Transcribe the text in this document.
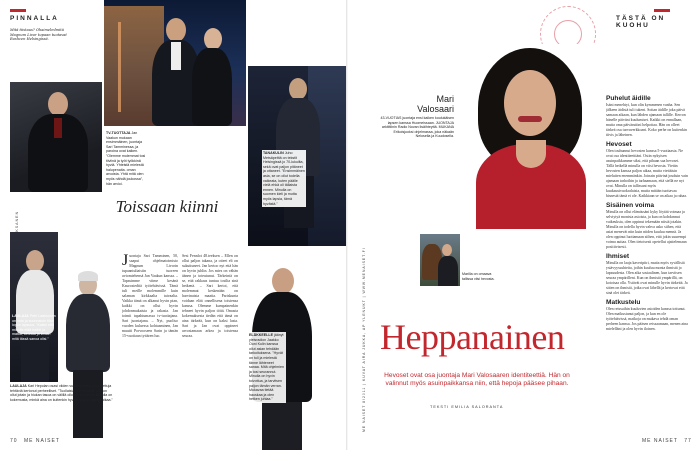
PINNALLA
Mitä tiistaus? Ohaimelmlmitä Magnum Livor tupaan tuotavat Roshcen Helsingissä.
TV-TUOTTAJA Jan Vaakun mukaan ensimmäinen, juontaja Sari Tamminessa, ja paroina ovat kaiken. "Olemme molemmat tosi tiiviinä ja työt työkkinä hyviä. Yhteistä mielestä halupenaita. oman arvoista. Yhtä mitä olen myös nähdä joukossa", hän arvioi.
TANAKULIN Juho Metsäpelttä on tekstit Helsingissä jo 70-lukuilta, sekä ovat paljon pitäneet ja ottaneet. "Ensimmäinen asia, se on ollut todella vaikeata, kuten päälle vielä ehkä oli tällaista ennen. Minulla on suomen kieli ja mutta myös lapsia, tämä hyvästä."
Toissaan kiinni
LAULAJA Petri Laaksonen on sata ja suunnatoin tilan lopun lapsuus. "Kaikki että minulla elää kaikki ja matka, seurata ja tiedän mitä tässä sanoa olisi."
LAULAJA Kari Hepolan osasi viiden vuoden sitten ja tunnettuja tehtäviä kertonut perheelliset. "Tuollaista on mahtava, kun on ollut jotain ja hiukan tasoa on välillä ollut myös lapsia. Minulla on kokemusta, minkä aina on kuitenkin hyvää aina on jäänyt aikaa."
Juontaja Sari Tamminen, 50, saapui ohjelmatoimisto Magnum Livorin tupaantuliaisiin tuoreen aviomiehensä Jan Vaakun kanssa. – Tapasimme viime kesänä Kaurostedtiä työtehtävissä. Tämä tuli meille molemmille kuin salaman kirkkaalta taivaalta. Vaikka tämä on alkanut hyvin pian, kaikki on ollut hyvin johdonmukaista ja rakasta. Jan toimii tapahtumassa tv-tuottajana. Sari juontajana. – Nyt, puoliso vuoden kuluessa kohtaaminen, Jan muutti Porvooseen Sarin ja tämän 15-vuotiaan tyttären luo.
Sesi Fennlot 48.teeksen – Ellen on ollut paljon takana, ja otteet eli on sukuttuneet. Jan kertoo nyt että hän on hyvin juhlin. Jos mies on vähän äänen ja toteutunut. Tärkeintä on se, että rakkaus tuntuu tosilta sinä hetkenä. – Sari kertoi, että molemmat keskenään on harvinaista maatia. Pariskunta voidaan elää onnellisena toistensa kanssa. Olemme kumpainenkin tehneet hyvin paljon töitä. Omasta kokemuksesta tiedän että tämä on aina tärkeää, kun on kaksi lasta. Sari ja Jan ovat oppineet arvostamaan arkea ja toistensa seuraa.	ELÄKKEELLE jäänyt yleisradion Jaakko Ouni Kulin kanssa ollut asian tehdään tarkoituksena. "Hyvät on tuli ja mielestä tänne lähteneet sanaa. Mitä ohjelmien ja tosi seurannut. Minulla on hyvin toivottua, ja tarvitsen paljon tämän verran. Mukavaa tietää hauskaa ja olen hetken juhlaa."
70 ME NAISET
TÄSTÄ ON KUOHU
Mari Valosaari
43-VUOTIAS juontaja ensi kaiken koulukäisen lapsen kanssa Huomeissaan. JUONTAJA arkititiinin Radio Novan lisäihteyttä. MUKANA Erikoisjuoksi ohjelmassa, joka näkaän Nelosella ja Kuudosella.
Marilla on omaava tallissa viisi hevosta.
Heppanainen
Hevoset ovat osa juontaja Mari Valosaaren identiteettiä. Hän on valinnut myös asuinpaikkansa niin, että hepoja pääsee pihaan.
TEKSTI EMILIA SALORANTA
ME NAISET 8/2011 | KUVAT AIRA JUKKA, AP YLENUKT | WWW.MENAISET.FI
Puhelut äidille

Isäni menehtyi, kun olin kymmenen vanha. Sen jälkeen äidistä tuli tukeni. Soitan äidille joka päivä samaan aikaan, kun lähden ajamaan tallille. Kerron hänelle päiväni kuulumiset. Kaikki on ennallaan, mutta oma päivärutiini helpottaa. Hän on olleet tärkeä osa turvaverkkoani. Koko perhe on kuitenkin tiivis ja läheinen.

Hevoset

Olen touhunnut hevosten kanssa 5-vuotiaasta. Ne ovat osa identiteettiäni. Ostin nykyisen asuinpaikkamme siksi, että pihaan saa hevoset. Tällä hetkellä minulla on viisi hevosta. Vietän hevosten kanssa paljon aikaa, mutta viettäisin mieluiten enemmänkin. Joinain päivinä jouduin vain ajamaan tarhoihin ja tarhaamaan, että siellä ne nyt ovat. Minulla on tallissani myös kuukausivuokralaisia, mutta mitään tuottavaa bisnestä tämä ei ole. Kaikkiaan se on aikaa ja rahaa.

Sisäinen voima

Minulla on ollut elämässäni kyky löytää voimaa ja selviytyä monista asioista, ja kun on kohdannut vaikeuksia, olen oppinut tekemään niistä jotakin. Minulla on todella hyvin vahva usko siihen, että asiat menevät niin kuin niiden kuuluu mennä. Ja olen oppinut luottamaan siihen, että jokin suurempi voima auttaa. Olen tietoisesti opetellut ajattelemaan positiivisesti.

Ihmiset

Minulla on laaja kaveripiiri, mutta myös syvällisiä ystävyyssuhteita, joihin kuuluu monta ihmistä jo lapsuudesta. Olen aika sosiaalinen, kun tarvitsen seuraa ympärilleni. Kun on ihmisiä ympärillä, on kotoisaa olla. Ystävät ovat minulle hyvin tärkeitä. Ja sitten on ihmisiä, jotka ovat lähellä ja kertovat että sinä olet tärkeä.

Matkustelu

Olen reissuihin kuuluvien asioiden kanssa tottunut. Olen matkustanut paljon, ja kun en ole työtehtävissä, matkoja on mukava tehdä oman perheen kanssa. Jos pääsen reissaamaan, menen aina mielelläni ja olen hyvin iloinen.

ME NAISET 77
